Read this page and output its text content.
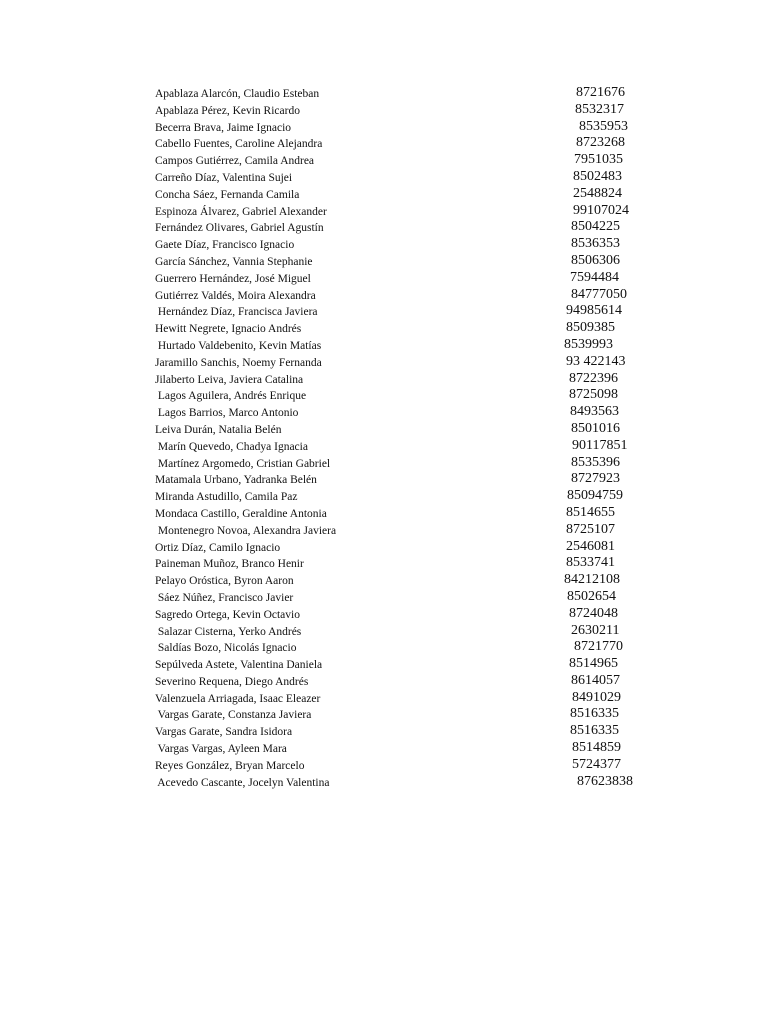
Apablaza Alarcón, Claudio Esteban	8721676
Apablaza Pérez, Kevin Ricardo	8532317
Becerra Brava, Jaime Ignacio	8535953
Cabello Fuentes, Caroline Alejandra	8723268
Campos Gutiérrez, Camila Andrea	7951035
Carreño Díaz, Valentina Sujei	8502483
Concha Sáez, Fernanda Camila	2548824
Espinoza Álvarez, Gabriel Alexander	99107024
Fernández Olivares, Gabriel Agustín	8504225
Gaete Díaz, Francisco Ignacio	8536353
García Sánchez, Vannia Stephanie	8506306
Guerrero Hernández, José Miguel	7594484
Gutiérrez Valdés, Moira Alexandra	84777050
Hernández Díaz, Francisca Javiera	94985614
Hewitt Negrete, Ignacio Andrés	8509385
Hurtado Valdebenito, Kevin Matías	8539993
Jaramillo Sanchis, Noemy Fernanda	93 422143
Jilaberto Leiva, Javiera Catalina	8722396
Lagos Aguilera, Andrés Enrique	8725098
Lagos Barrios, Marco Antonio	8493563
Leiva Durán, Natalia Belén	8501016
Marín Quevedo, Chadya Ignacia	90117851
Martínez Argomedo, Cristian Gabriel	8535396
Matamala Urbano, Yadranka Belén	8727923
Miranda Astudillo, Camila Paz	85094759
Mondaca Castillo, Geraldine Antonia	8514655
Montenegro Novoa, Alexandra Javiera	8725107
Ortiz Díaz, Camilo Ignacio	2546081
Paineman Muñoz, Branco Henir	8533741
Pelayo Oróstica, Byron Aaron	84212108
Sáez Núñez, Francisco Javier	8502654
Sagredo Ortega, Kevin Octavio	8724048
Salazar Cisterna, Yerko Andrés	2630211
Saldías Bozo, Nicolás Ignacio	8721770
Sepúlveda Astete, Valentina Daniela	8514965
Severino Requena, Diego Andrés	8614057
Valenzuela Arriagada, Isaac Eleazer	8491029
Vargas Garate, Constanza Javiera	8516335
Vargas Garate, Sandra Isidora	8516335
Vargas Vargas, Ayleen Mara	8514859
Reyes González, Bryan Marcelo	5724377
Acevedo Cascante, Jocelyn Valentina	87623838
